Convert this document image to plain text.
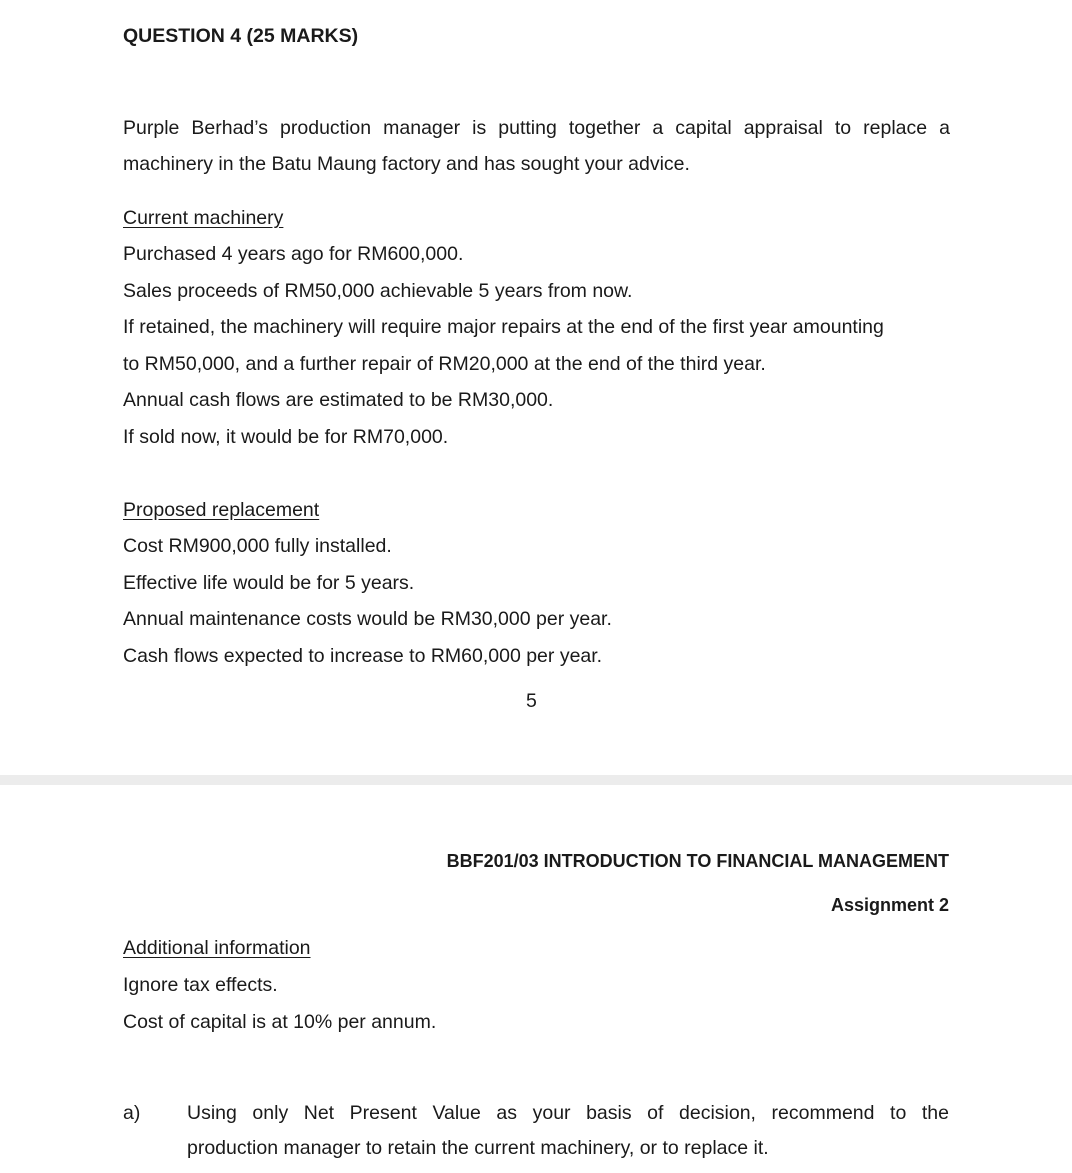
QUESTION 4 (25 MARKS)
Purple Berhad’s production manager is putting together a capital appraisal to replace a
machinery in the Batu Maung factory and has sought your advice.
Current machinery
Purchased 4 years ago for RM600,000.
Sales proceeds of RM50,000 achievable 5 years from now.
If retained, the machinery will require major repairs at the end of the first year amounting
to RM50,000, and a further repair of RM20,000 at the end of the third year.
Annual cash flows are estimated to be RM30,000.
If sold now, it would be for RM70,000.
Proposed replacement
Cost RM900,000 fully installed.
Effective life would be for 5 years.
Annual maintenance costs would be RM30,000 per year.
Cash flows expected to increase to RM60,000 per year.
5
BBF201/03 INTRODUCTION TO FINANCIAL MANAGEMENT
Assignment 2
Additional information
Ignore tax effects.
Cost of capital is at 10% per annum.
a) Using only Net Present Value as your basis of decision, recommend to the
production manager to retain the current machinery, or to replace it.
